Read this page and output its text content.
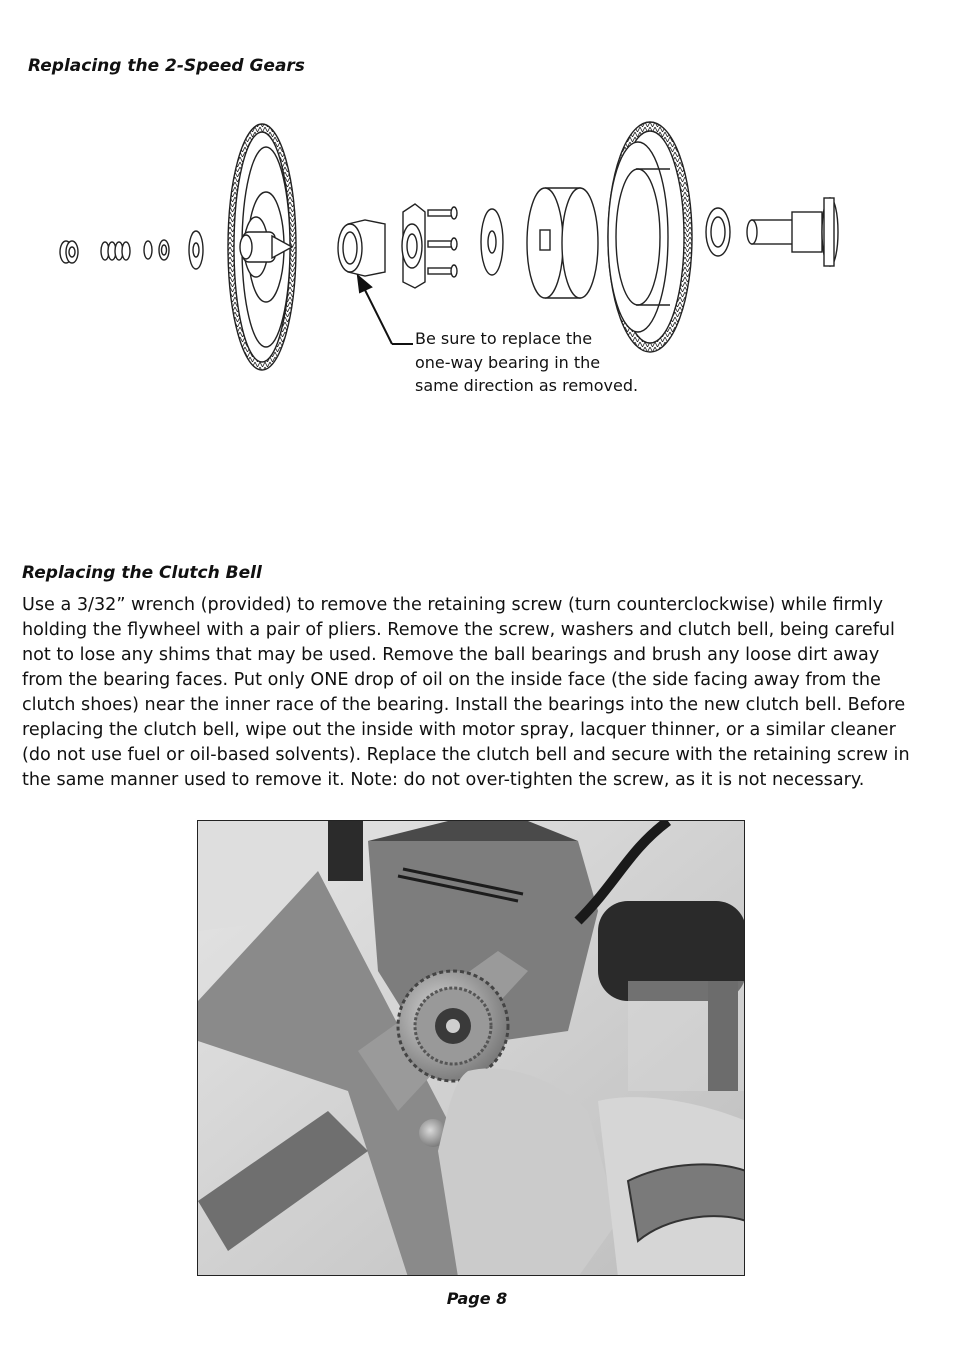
Replacing the 2-Speed Gears

Be sure to replace the
one-way bearing in the
same direction as removed.

Replacing the Clutch Bell

Use a 3/32” wrench (provided) to remove the retaining screw (turn counterclockwise) while firmly holding the flywheel with a pair of pliers. Remove the screw, washers and clutch bell, being careful not to lose any shims that may be used. Remove the ball bearings and brush any loose dirt away from the bearing faces. Put only ONE drop of oil on the inside face (the side facing away from the clutch shoes) near the inner race of the bearing. Install the bearings into the new clutch bell. Before replacing the clutch bell, wipe out the inside with motor spray, lacquer thinner, or a similar cleaner (do not use fuel or oil-based solvents). Replace the clutch bell and secure with the retaining screw in the same manner used to remove it. Note: do not over-tighten the screw, as it is not necessary.

Page 8
